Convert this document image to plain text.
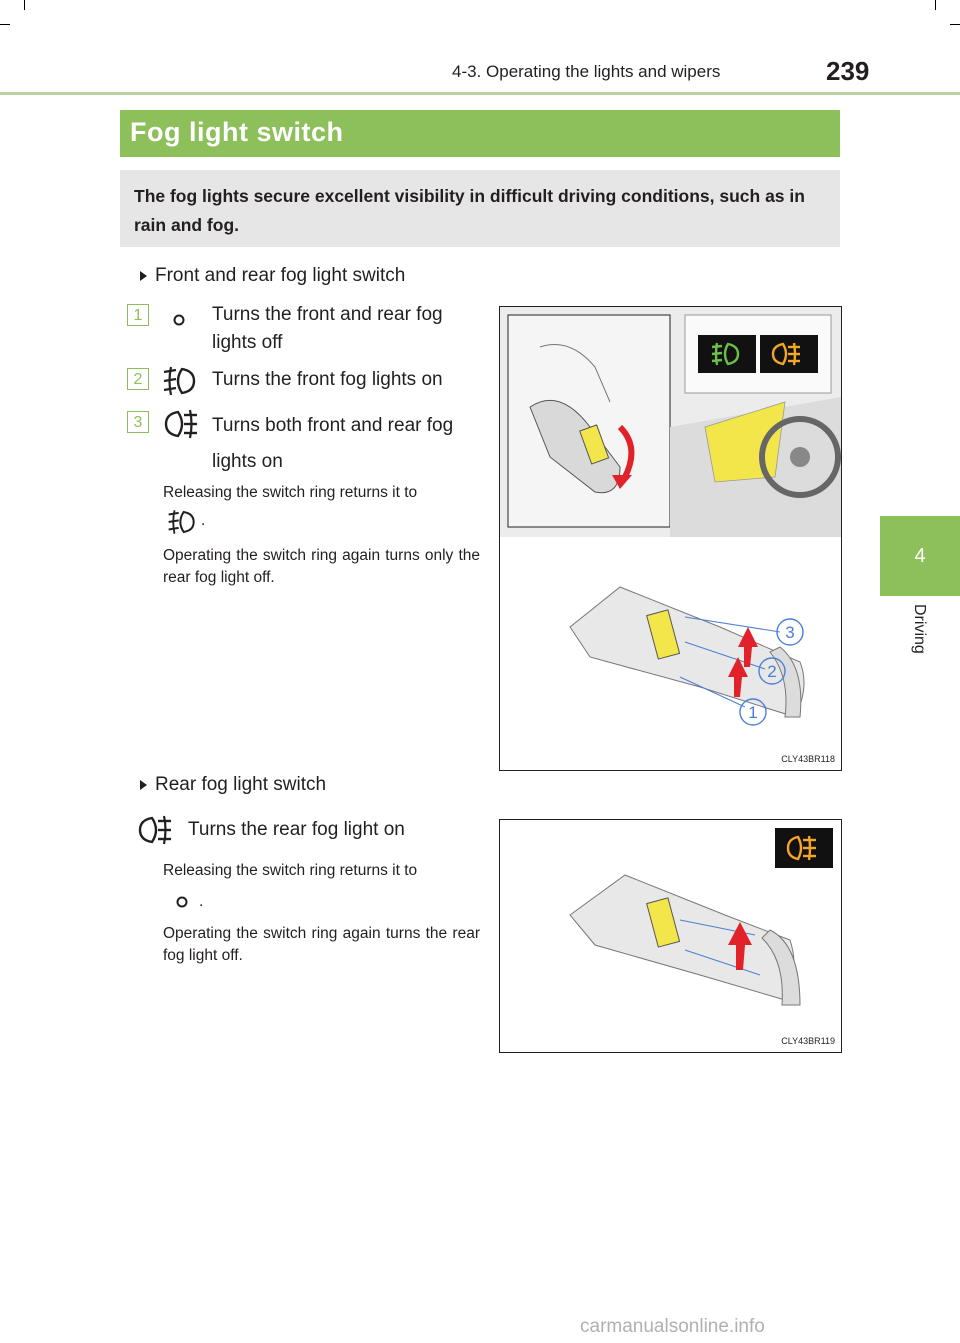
4-3. Operating the lights and wipers	239
4
Driving
Fog light switch
The fog lights secure excellent visibility in difficult driving conditions, such as in rain and fog.
Front and rear fog light switch
1	Turns the front and rear fog lights off
2	Turns the front fog lights on
3	Turns both front and rear fog lights on
Releasing the switch ring returns it to
.
Operating the switch ring again turns only the rear fog light off.
3
2
1
CLY43BR118
Rear fog light switch
Turns the rear fog light on
Releasing the switch ring returns it to
.
Operating the switch ring again turns the rear fog light off.
CLY43BR119
carmanualsonline.info
